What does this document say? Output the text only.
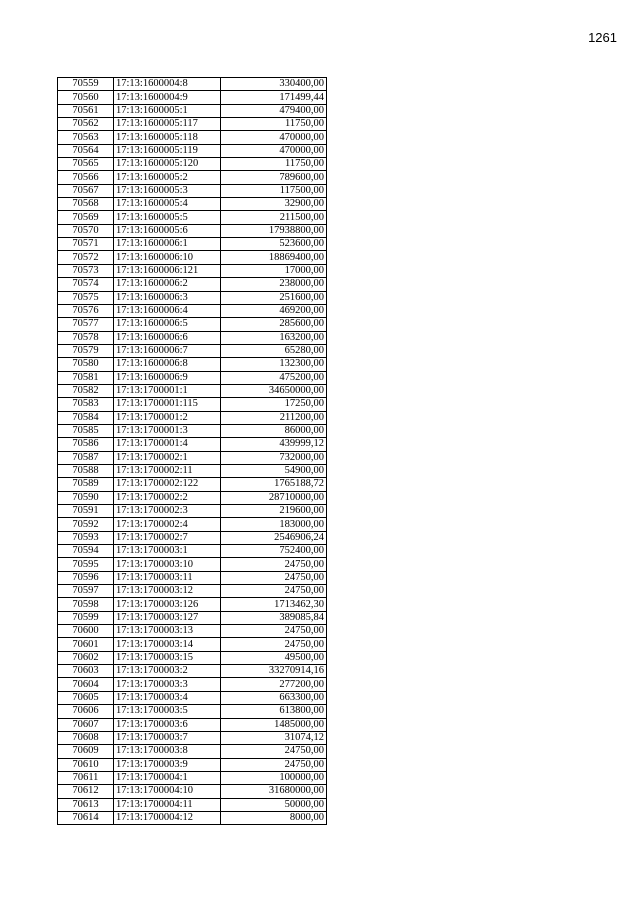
1261
70559	17:13:1600004:8	330400,00
70560	17:13:1600004:9	171499,44
70561	17:13:1600005:1	479400,00
70562	17:13:1600005:117	11750,00
70563	17:13:1600005:118	470000,00
70564	17:13:1600005:119	470000,00
70565	17:13:1600005:120	11750,00
70566	17:13:1600005:2	789600,00
70567	17:13:1600005:3	117500,00
70568	17:13:1600005:4	32900,00
70569	17:13:1600005:5	211500,00
70570	17:13:1600005:6	17938800,00
70571	17:13:1600006:1	523600,00
70572	17:13:1600006:10	18869400,00
70573	17:13:1600006:121	17000,00
70574	17:13:1600006:2	238000,00
70575	17:13:1600006:3	251600,00
70576	17:13:1600006:4	469200,00
70577	17:13:1600006:5	285600,00
70578	17:13:1600006:6	163200,00
70579	17:13:1600006:7	65280,00
70580	17:13:1600006:8	132300,00
70581	17:13:1600006:9	475200,00
70582	17:13:1700001:1	34650000,00
70583	17:13:1700001:115	17250,00
70584	17:13:1700001:2	211200,00
70585	17:13:1700001:3	86000,00
70586	17:13:1700001:4	439999,12
70587	17:13:1700002:1	732000,00
70588	17:13:1700002:11	54900,00
70589	17:13:1700002:122	1765188,72
70590	17:13:1700002:2	28710000,00
70591	17:13:1700002:3	219600,00
70592	17:13:1700002:4	183000,00
70593	17:13:1700002:7	2546906,24
70594	17:13:1700003:1	752400,00
70595	17:13:1700003:10	24750,00
70596	17:13:1700003:11	24750,00
70597	17:13:1700003:12	24750,00
70598	17:13:1700003:126	1713462,30
70599	17:13:1700003:127	389085,84
70600	17:13:1700003:13	24750,00
70601	17:13:1700003:14	24750,00
70602	17:13:1700003:15	49500,00
70603	17:13:1700003:2	33270914,16
70604	17:13:1700003:3	277200,00
70605	17:13:1700003:4	663300,00
70606	17:13:1700003:5	613800,00
70607	17:13:1700003:6	1485000,00
70608	17:13:1700003:7	31074,12
70609	17:13:1700003:8	24750,00
70610	17:13:1700003:9	24750,00
70611	17:13:1700004:1	100000,00
70612	17:13:1700004:10	31680000,00
70613	17:13:1700004:11	50000,00
70614	17:13:1700004:12	8000,00
